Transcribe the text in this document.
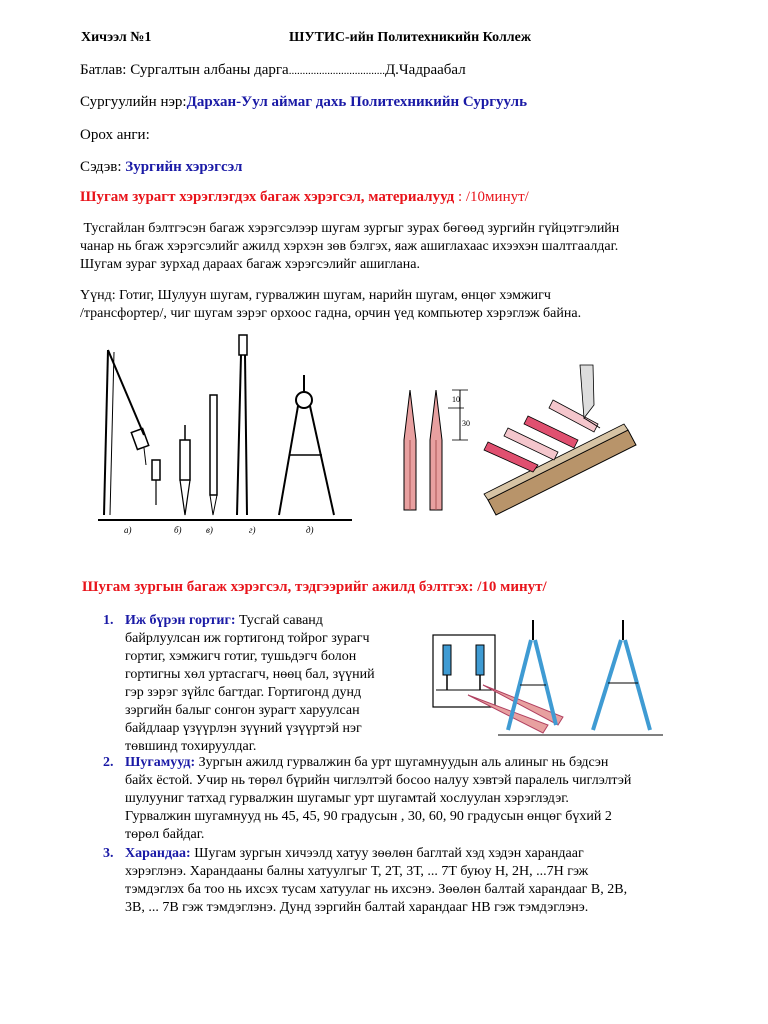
Хичээл №1	ШУТИС-ийн Политехникийн Коллеж
Батлав: Сургалтын албаны дарга...................................Д.Чадраабал
Сургуулийн нэр:Дархан-Уул аймаг дахь Политехникийн Сургууль
Орох анги:
Сэдэв: Зургийн хэрэгсэл
Шугам зурагт хэрэглэгдэх багаж хэрэгсэл, материалууд : /10минут/
Тусгайлан бэлтгэсэн багаж хэрэгсэлээр шугам зургыг зурах бөгөөд зургийн гүйцэтгэлийн
чанар нь бгаж хэрэгсэлийг ажилд хэрхэн зөв бэлгэх, яаж ашиглахаас ихээхэн шалтгаалдаг.
Шугам зураг зурхад дараах багаж хэрэгсэлийг ашиглана.
Үүнд: Готиг, Шулуун шугам, гурвалжин шугам, нарийн шугам, өнцөг хэмжигч
/трансфортер/, чиг шугам зэрэг орхоос гадна, орчин үед компьютер хэрэглэж байна.
а)	б)	в)	г)	д)
10
30
Шугам зургын багаж хэрэгсэл, тэдгээрийг ажилд бэлтгэх: /10 минут/
1. Иж бүрэн гортиг: Тусгай саванд
байрлуулсан иж гортигонд тойрог зурагч
гортиг, хэмжигч готиг, тушьдэгч болон
гортигны хөл уртасгагч, нөөц бал, зүүний
гэр зэрэг зүйлс багтдаг. Гортигонд дунд
зэргийн балыг сонгон зурагт харуулсан
байдлаар үзүүрлэн зүүний үзүүртэй нэг
төвшинд тохируулдаг.
2. Шугамууд: Зургын ажилд гурвалжин ба урт шугамнуудын аль алиныг нь бэдсэн
байх ёстой. Учир нь төрөл бүрийн чиглэлтэй босоо налуу хэвтэй паралель чиглэлтэй
шулууниг татхад гурвалжин шугамыг урт шугамтай хослуулан хэрэглэдэг.
Гурвалжин шугамнууд нь 45, 45, 90 градусын , 30, 60, 90 градусын өнцөг бүхий 2
төрөл байдаг.
3. Харандаа: Шугам зургын хичээлд хатуу зөөлөн баглтай хэд хэдэн харандааг
хэрэглэнэ. Харандааны балны хатуулгыг Т, 2Т, 3Т, ... 7Т буюу Н, 2Н, ...7Н гэж
тэмдэглэх ба тоо нь ихсэх тусам хатуулаг нь ихсэнэ. Зөөлөн балтай харандааг В, 2В,
3В, ... 7В гэж тэмдэглэнэ. Дунд зэргийн балтай харандааг НВ гэж тэмдэглэнэ.
